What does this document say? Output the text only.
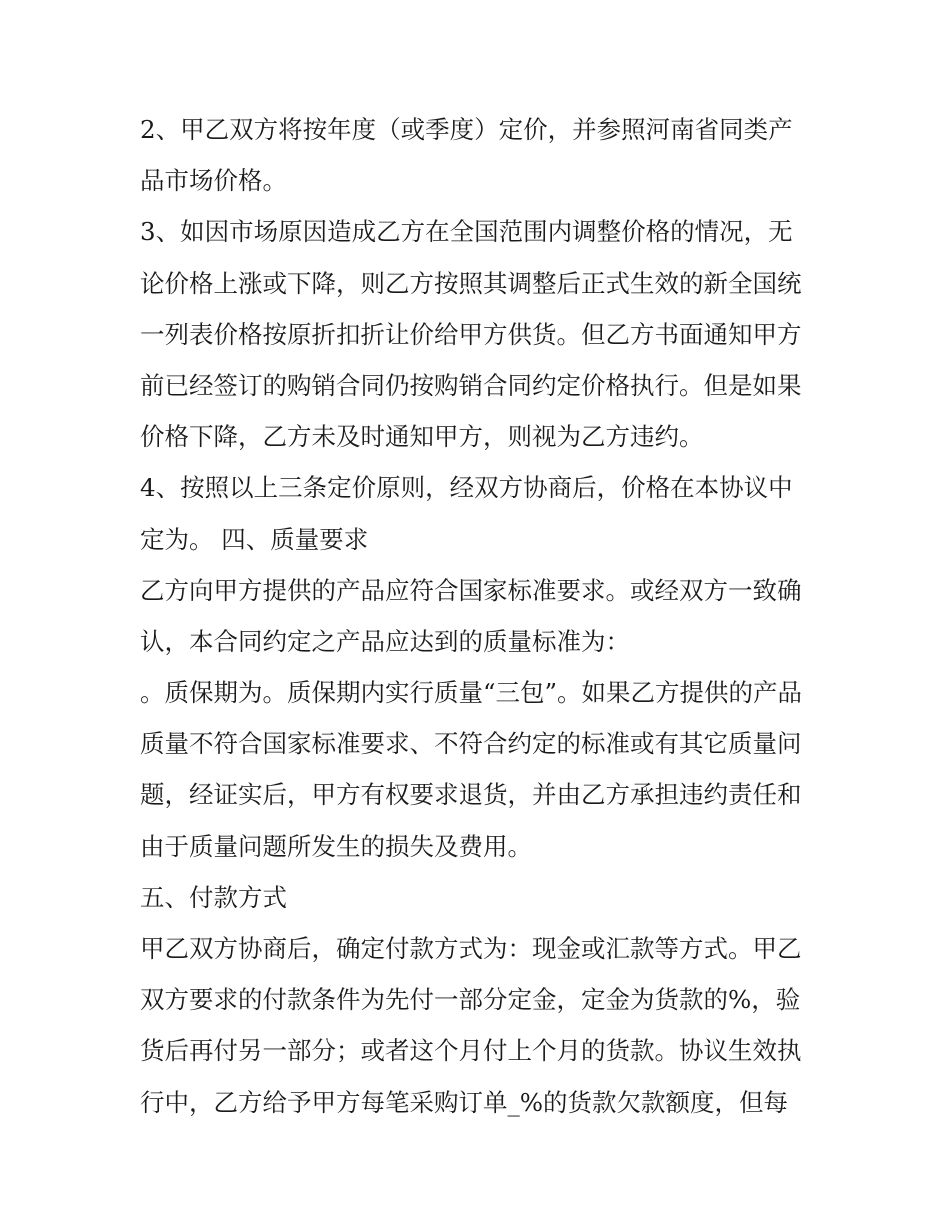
2、甲乙双方将按年度（或季度）定价，并参照河南省同类产
品市场价格。
3、如因市场原因造成乙方在全国范围内调整价格的情况，无
论价格上涨或下降，则乙方按照其调整后正式生效的新全国统
一列表价格按原折扣折让价给甲方供货。但乙方书面通知甲方
前已经签订的购销合同仍按购销合同约定价格执行。但是如果
价格下降，乙方未及时通知甲方，则视为乙方违约。
4、按照以上三条定价原则，经双方协商后，价格在本协议中
定为。 四、质量要求
乙方向甲方提供的产品应符合国家标准要求。或经双方一致确
认，本合同约定之产品应达到的质量标准为：
。质保期为。质保期内实行质量“三包”。如果乙方提供的产品
质量不符合国家标准要求、不符合约定的标准或有其它质量问
题，经证实后，甲方有权要求退货，并由乙方承担违约责任和
由于质量问题所发生的损失及费用。
五、付款方式
甲乙双方协商后，确定付款方式为：现金或汇款等方式。甲乙
双方要求的付款条件为先付一部分定金，定金为货款的%，验
货后再付另一部分；或者这个月付上个月的货款。协议生效执
行中，乙方给予甲方每笔采购订单_%的货款欠款额度，但每
